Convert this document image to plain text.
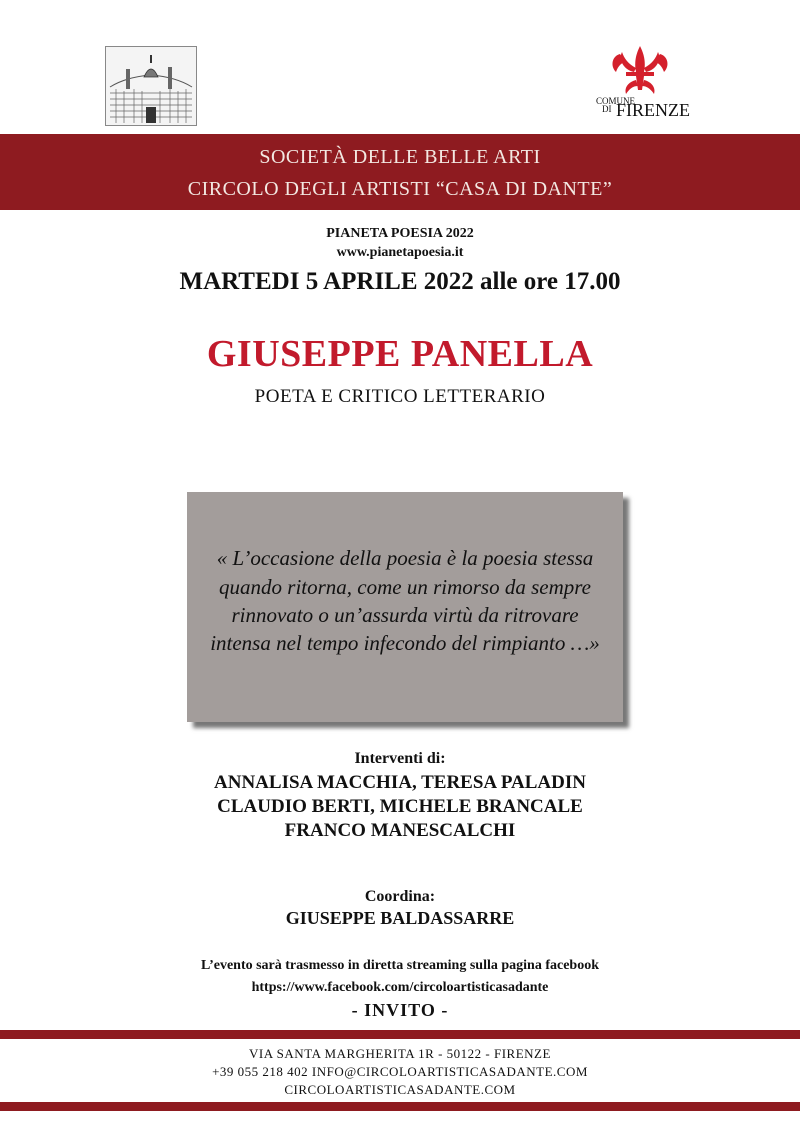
COMUNE
DI FIRENZE
SOCIETÀ DELLE BELLE ARTI
CIRCOLO DEGLI ARTISTI “CASA DI DANTE”
PIANETA POESIA 2022
www.pianetapoesia.it
MARTEDI 5 APRILE 2022 alle ore 17.00
GIUSEPPE PANELLA
POETA E CRITICO LETTERARIO
« L’occasione della poesia è la poesia stessa
quando ritorna, come un rimorso da sempre
rinnovato o un’assurda virtù da ritrovare
intensa nel tempo infecondo del rimpianto …»
Interventi di:
ANNALISA MACCHIA, TERESA PALADIN
CLAUDIO BERTI, MICHELE BRANCALE
FRANCO MANESCALCHI
Coordina:
GIUSEPPE BALDASSARRE
L’evento sarà trasmesso in diretta streaming sulla pagina facebook
https://www.facebook.com/circoloartisticasadante
- INVITO -
VIA SANTA MARGHERITA 1R - 50122 - FIRENZE
+39 055 218 402 INFO@CIRCOLOARTISTICASADANTE.COM
CIRCOLOARTISTICASADANTE.COM
